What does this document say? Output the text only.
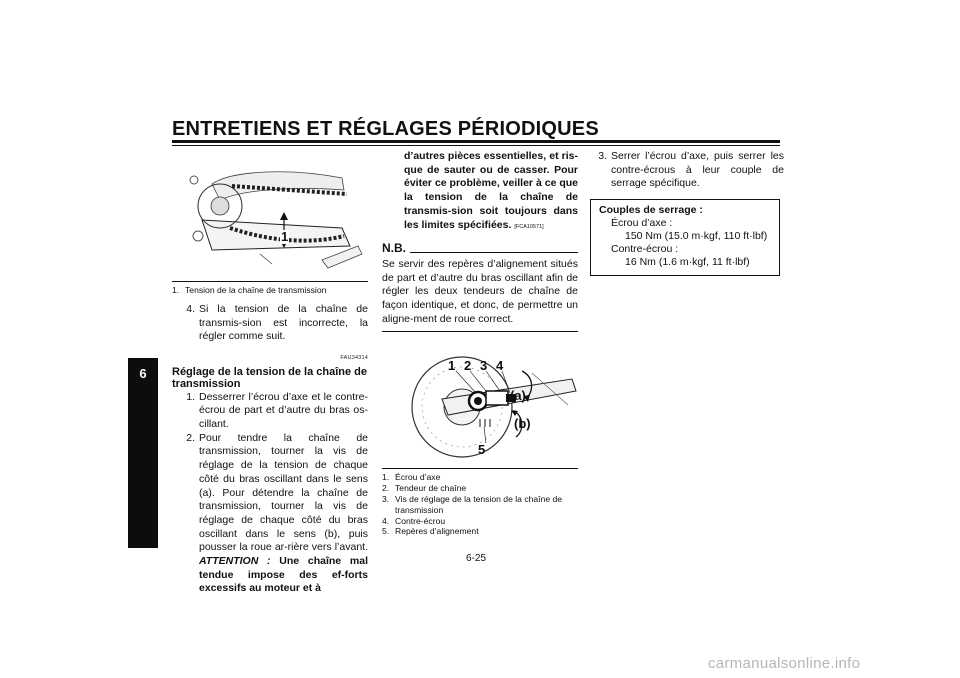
ENTRETIENS ET RÉGLAGES PÉRIODIQUES
6
1
1. Tension de la chaîne de transmission
4. Si la tension de la chaîne de transmis-sion est incorrecte, la régler comme suit.
FAU34314
Réglage de la tension de la chaîne de transmission
1. Desserrer l’écrou d’axe et le contre-écrou de part et d’autre du bras os-cillant.
2. Pour tendre la chaîne de transmission, tourner la vis de réglage de la tension de chaque côté du bras oscillant dans le sens (a). Pour détendre la chaîne de transmission, tourner la vis de réglage de chaque côté du bras oscillant dans le sens (b), puis pousser la roue ar-rière vers l’avant. ATTENTION : Une chaîne mal tendue impose des ef-forts excessifs au moteur et à
d’autres pièces essentielles, et ris-que de sauter ou de casser. Pour éviter ce problème, veiller à ce que la tension de la chaîne de transmis-sion soit toujours dans les limites spécifiées. [FCA10571]
N.B.
Se servir des repères d’alignement situés de part et d’autre du bras oscillant afin de régler les deux tendeurs de chaîne de façon identique, et donc, de permettre un aligne-ment de roue correct.
1 2 3 4
5
(a)
(b)
1. Écrou d’axe
2. Tendeur de chaîne
3. Vis de réglage de la tension de la chaîne de transmission
4. Contre-écrou
5. Repères d’alignement
3. Serrer l’écrou d’axe, puis serrer les contre-écrous à leur couple de serrage spécifique.
Couples de serrage :
Écrou d’axe :
150 Nm (15.0 m·kgf, 110 ft·lbf)
Contre-écrou :
16 Nm (1.6 m·kgf, 11 ft·lbf)
6-25
carmanualsonline.info
